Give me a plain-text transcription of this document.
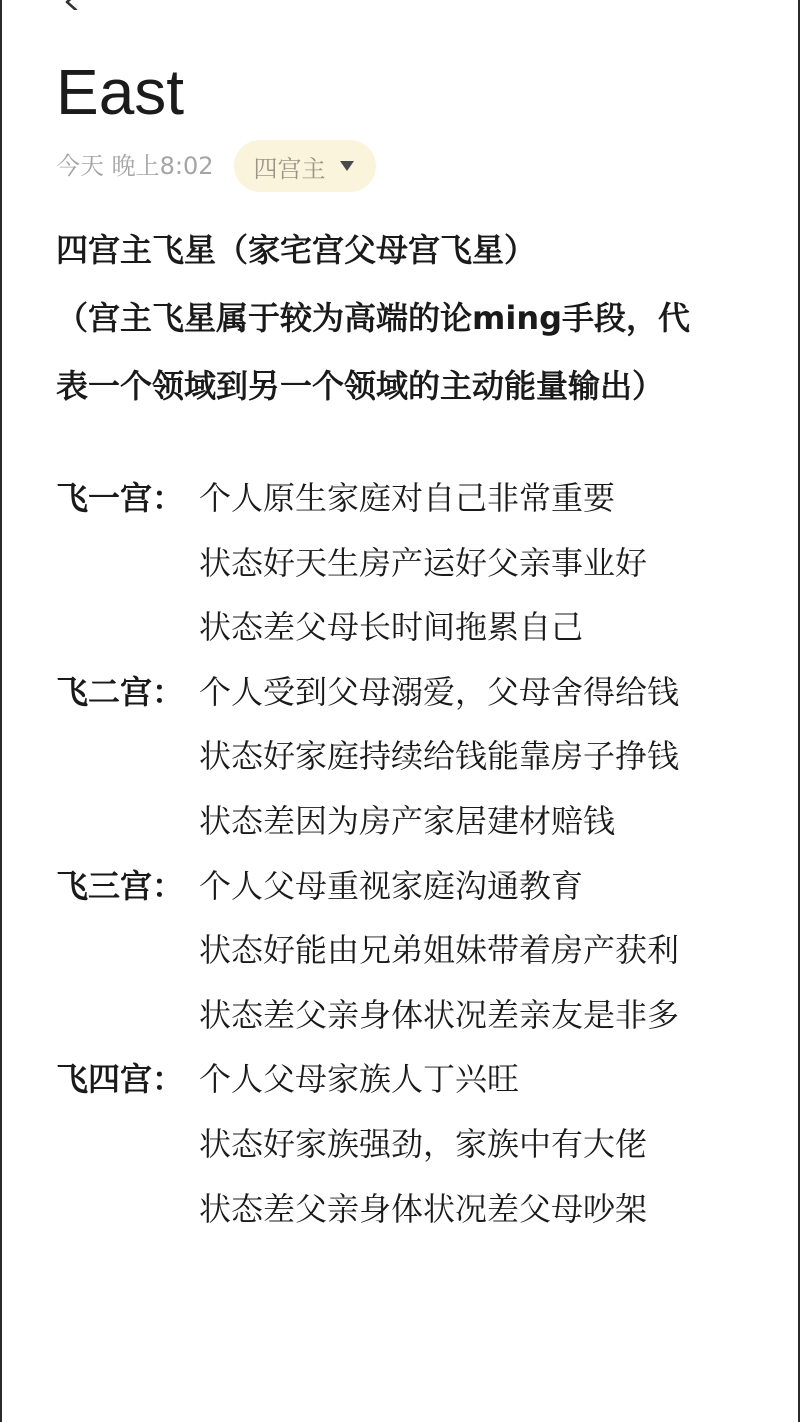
East
今天 晚上8:02 四宫主
四宫主飞星（家宅宫父母宫飞星）
（宫主飞星属于较为高端的论ming手段，代
表一个领域到另一个领域的主动能量输出）
飞一宫： 个人原生家庭对自己非常重要
状态好天生房产运好父亲事业好
状态差父母长时间拖累自己
飞二宫： 个人受到父母溺爱，父母舍得给钱
状态好家庭持续给钱能靠房子挣钱
状态差因为房产家居建材赔钱
飞三宫： 个人父母重视家庭沟通教育
状态好能由兄弟姐妹带着房产获利
状态差父亲身体状况差亲友是非多
飞四宫： 个人父母家族人丁兴旺
状态好家族强劲，家族中有大佬
状态差父亲身体状况差父母吵架
